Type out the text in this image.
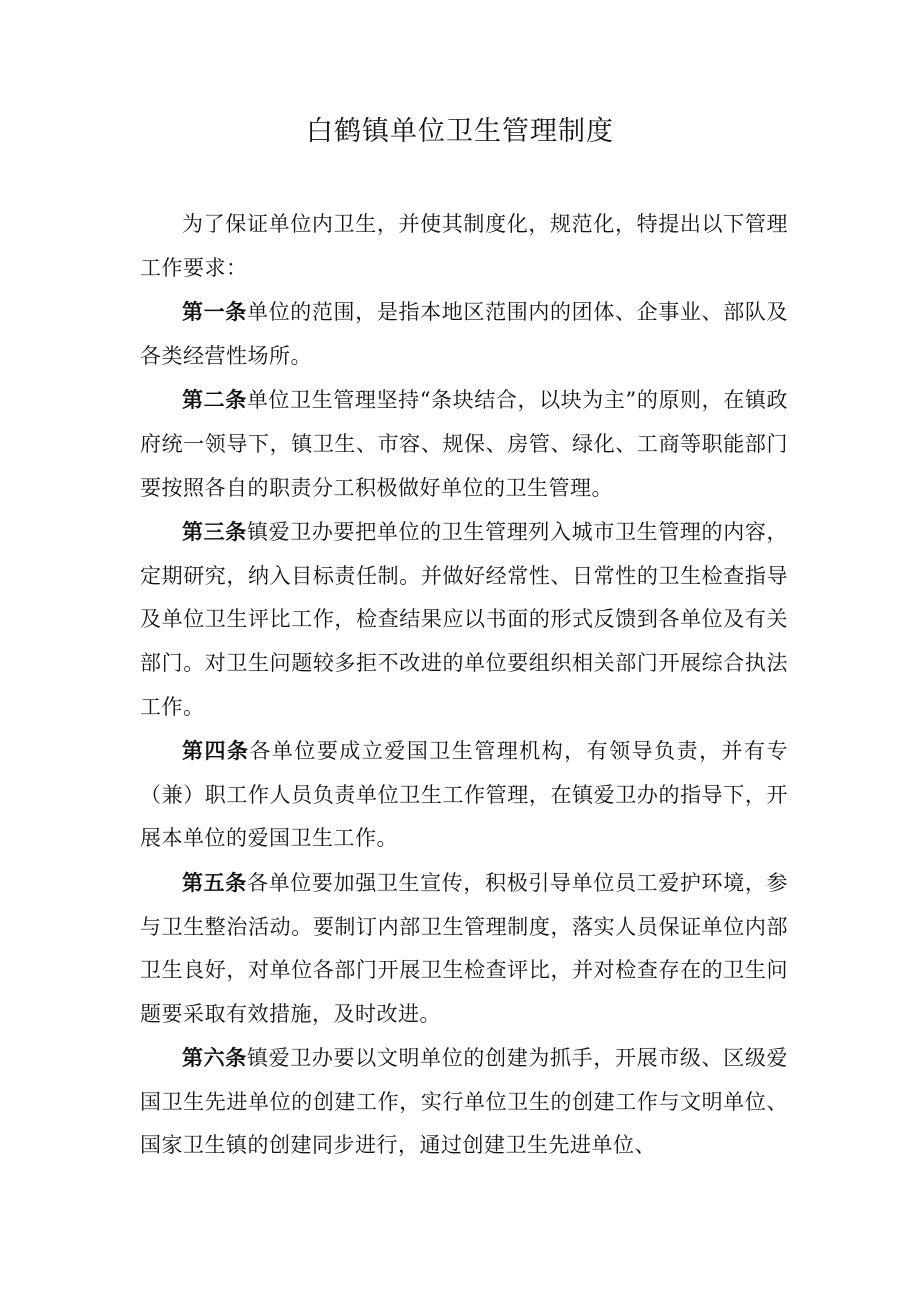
白鹤镇单位卫生管理制度

为了保证单位内卫生，并使其制度化，规范化，特提出以下管理工作要求：

第一条单位的范围，是指本地区范围内的团体、企事业、部队及各类经营性场所。

第二条单位卫生管理坚持“条块结合，以块为主”的原则，在镇政府统一领导下，镇卫生、市容、规保、房管、绿化、工商等职能部门要按照各自的职责分工积极做好单位的卫生管理。

第三条镇爱卫办要把单位的卫生管理列入城市卫生管理的内容，定期研究，纳入目标责任制。并做好经常性、日常性的卫生检查指导及单位卫生评比工作，检查结果应以书面的形式反馈到各单位及有关部门。对卫生问题较多拒不改进的单位要组织相关部门开展综合执法工作。

第四条各单位要成立爱国卫生管理机构，有领导负责，并有专（兼）职工作人员负责单位卫生工作管理，在镇爱卫办的指导下，开展本单位的爱国卫生工作。

第五条各单位要加强卫生宣传，积极引导单位员工爱护环境，参与卫生整治活动。要制订内部卫生管理制度，落实人员保证单位内部卫生良好，对单位各部门开展卫生检查评比，并对检查存在的卫生问题要采取有效措施，及时改进。

第六条镇爱卫办要以文明单位的创建为抓手，开展市级、区级爱国卫生先进单位的创建工作，实行单位卫生的创建工作与文明单位、国家卫生镇的创建同步进行，通过创建卫生先进单位、
